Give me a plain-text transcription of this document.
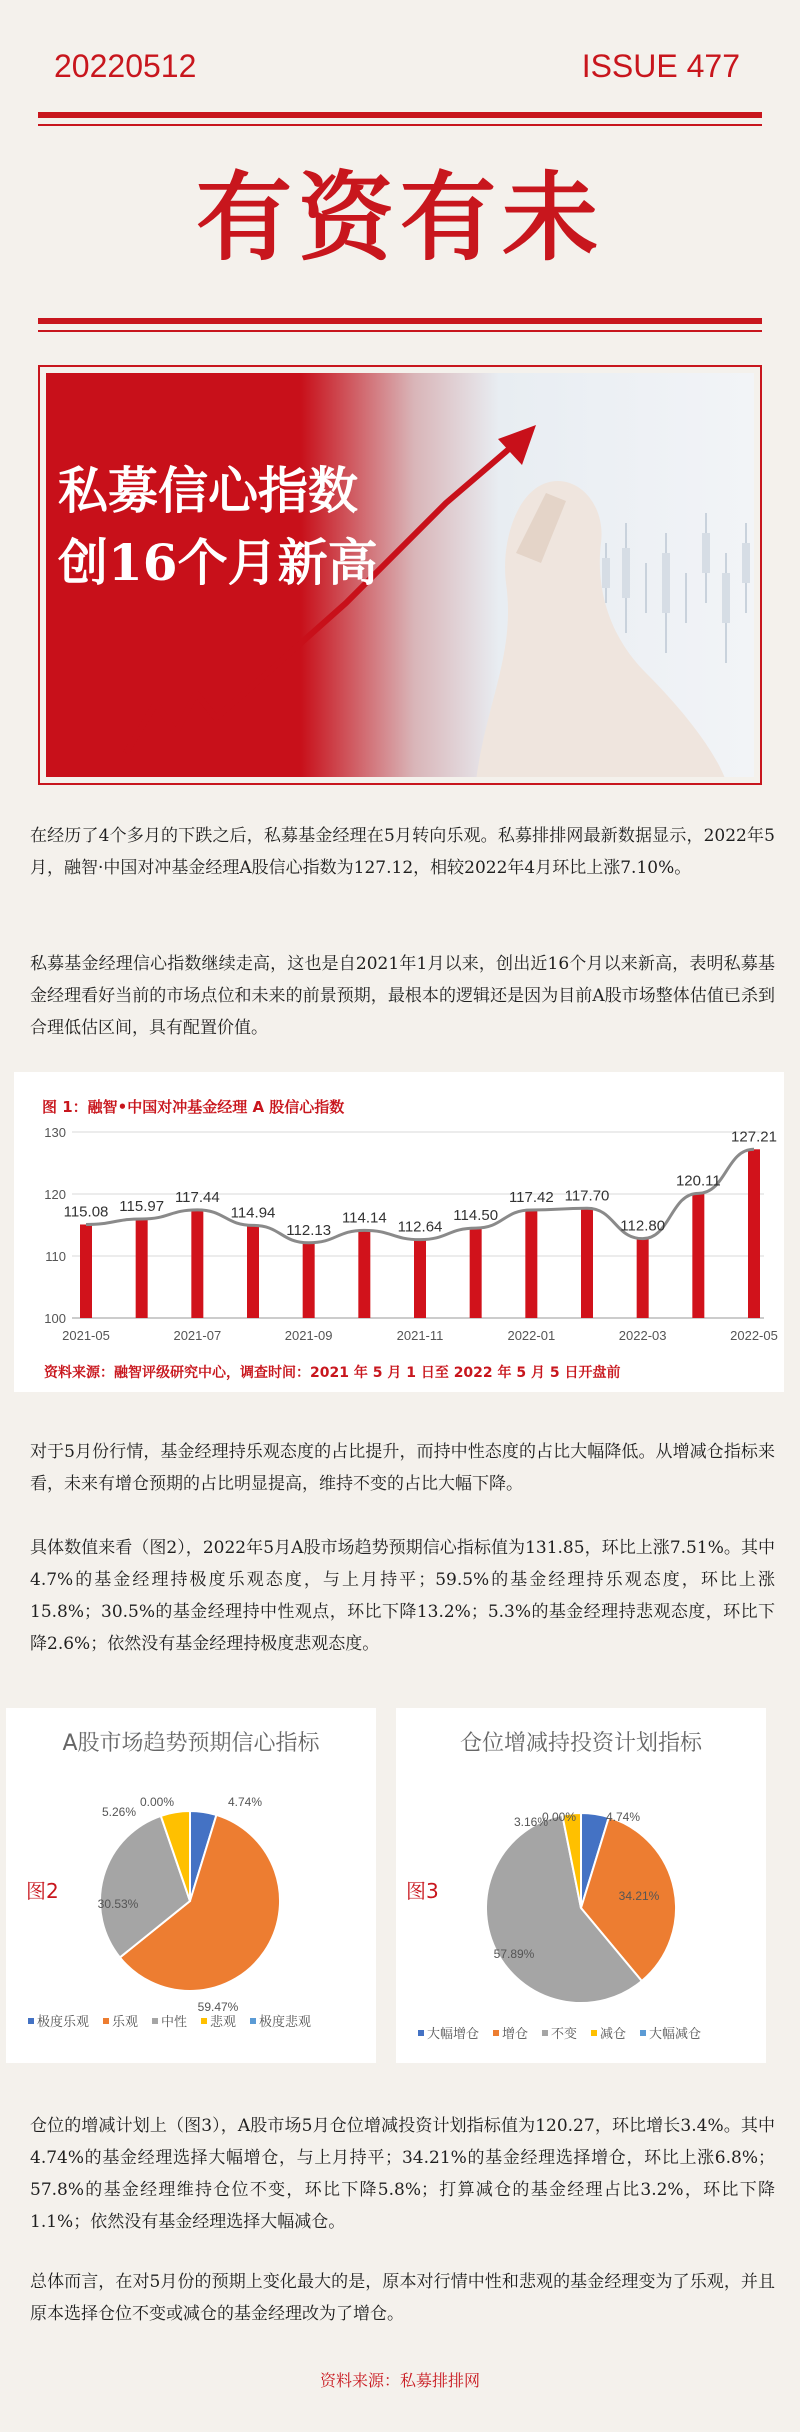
20220512	ISSUE 477
有资有未
私募信心指数
创16个月新高
在经历了4个多月的下跌之后，私募基金经理在5月转向乐观。私募排排网最新数据显示，2022年5月，融智·中国对冲基金经理A股信心指数为127.12，相较2022年4月环比上涨7.10%。
私募基金经理信心指数继续走高，这也是自2021年1月以来，创出近16个月以来新高，表明私募基金经理看好当前的市场点位和未来的前景预期，最根本的逻辑还是因为目前A股市场整体估值已杀到合理低估区间，具有配置价值。
图 1：融智•中国对冲基金经理 A 股信心指数
100
110
120
130
115.08 115.97
117.44
114.94
112.13
114.14
112.64
114.50
117.42 117.70
112.80
120.11
127.21
2021-05	2021-07	2021-09	2021-11	2022-01	2022-03	2022-05
资料来源：融智评级研究中心，调查时间：2021 年 5 月 1 日至 2022 年 5 月 5 日开盘前
对于5月份行情，基金经理持乐观态度的占比提升，而持中性态度的占比大幅降低。从增减仓指标来看，未来有增仓预期的占比明显提高，维持不变的占比大幅下降。
具体数值来看（图2），2022年5月A股市场趋势预期信心指标值为131.85，环比上涨7.51%。其中4.7%的基金经理持极度乐观态度，与上月持平；59.5%的基金经理持乐观态度，环比上涨15.8%；30.5%的基金经理持中性观点，环比下降13.2%；5.3%的基金经理持悲观态度，环比下降2.6%；依然没有基金经理持极度悲观态度。
A股市场趋势预期信心指标
图2
4.74%
59.47%
30.53%
5.26%
0.00%
极度乐观 乐观 中性 悲观 极度悲观
仓位增减持投资计划指标
图3
4.74%
34.21%
57.89%
3.16%
0.00%
大幅增仓 增仓 不变 减仓 大幅减仓
仓位的增减计划上（图3），A股市场5月仓位增减投资计划指标值为120.27，环比增长3.4%。其中4.74%的基金经理选择大幅增仓，与上月持平；34.21%的基金经理选择增仓，环比上涨6.8%；57.8%的基金经理维持仓位不变，环比下降5.8%；打算减仓的基金经理占比3.2%，环比下降1.1%；依然没有基金经理选择大幅减仓。
总体而言，在对5月份的预期上变化最大的是，原本对行情中性和悲观的基金经理变为了乐观，并且原本选择仓位不变或减仓的基金经理改为了增仓。
资料来源：私募排排网
